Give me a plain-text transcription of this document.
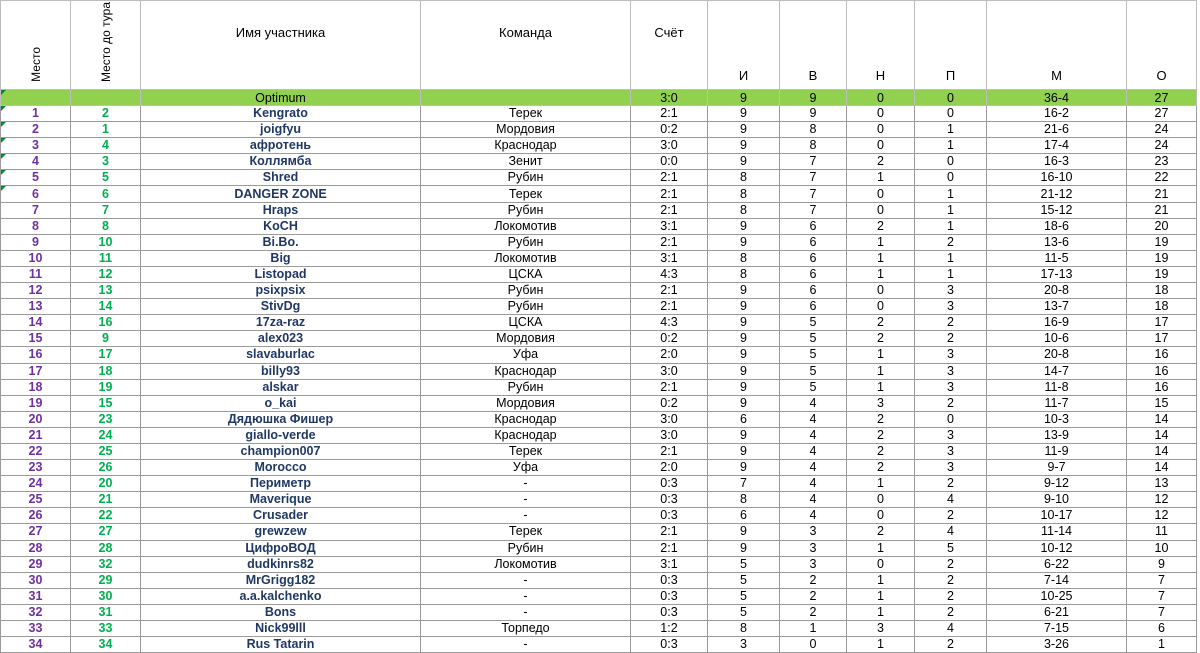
Место	Место до тура	Имя участника	Команда	Счёт	И	В	Н	П	М	О
		Optimum		3:0	9	9	0	0	36-4	27
1	2	Kengrato	Терек	2:1	9	9	0	0	16-2	27
2	1	joigfyu	Мордовия	0:2	9	8	0	1	21-6	24
3	4	афротень	Краснодар	3:0	9	8	0	1	17-4	24
4	3	Коллямба	Зенит	0:0	9	7	2	0	16-3	23
5	5	Shred	Рубин	2:1	8	7	1	0	16-10	22
6	6	DANGER ZONE	Терек	2:1	8	7	0	1	21-12	21
7	7	Hraps	Рубин	2:1	8	7	0	1	15-12	21
8	8	KoCH	Локомотив	3:1	9	6	2	1	18-6	20
9	10	Bi.Bo.	Рубин	2:1	9	6	1	2	13-6	19
10	11	Big	Локомотив	3:1	8	6	1	1	11-5	19
11	12	Listopad	ЦСКА	4:3	8	6	1	1	17-13	19
12	13	psixpsix	Рубин	2:1	9	6	0	3	20-8	18
13	14	StivDg	Рубин	2:1	9	6	0	3	13-7	18
14	16	17za-raz	ЦСКА	4:3	9	5	2	2	16-9	17
15	9	alex023	Мордовия	0:2	9	5	2	2	10-6	17
16	17	slavaburlac	Уфа	2:0	9	5	1	3	20-8	16
17	18	billy93	Краснодар	3:0	9	5	1	3	14-7	16
18	19	alskar	Рубин	2:1	9	5	1	3	11-8	16
19	15	o_kai	Мордовия	0:2	9	4	3	2	11-7	15
20	23	Дядюшка Фишер	Краснодар	3:0	6	4	2	0	10-3	14
21	24	giallo-verde	Краснодар	3:0	9	4	2	3	13-9	14
22	25	champion007	Терек	2:1	9	4	2	3	11-9	14
23	26	Morocco	Уфа	2:0	9	4	2	3	9-7	14
24	20	Периметр	-	0:3	7	4	1	2	9-12	13
25	21	Maverique	-	0:3	8	4	0	4	9-10	12
26	22	Crusader	-	0:3	6	4	0	2	10-17	12
27	27	grewzew	Терек	2:1	9	3	2	4	11-14	11
28	28	ЦифроВОД	Рубин	2:1	9	3	1	5	10-12	10
29	32	dudkinrs82	Локомотив	3:1	5	3	0	2	6-22	9
30	29	MrGrigg182	-	0:3	5	2	1	2	7-14	7
31	30	a.a.kalchenko	-	0:3	5	2	1	2	10-25	7
32	31	Bons	-	0:3	5	2	1	2	6-21	7
33	33	Nick99lll	Торпедо	1:2	8	1	3	4	7-15	6
34	34	Rus Tatarin	-	0:3	3	0	1	2	3-26	1
